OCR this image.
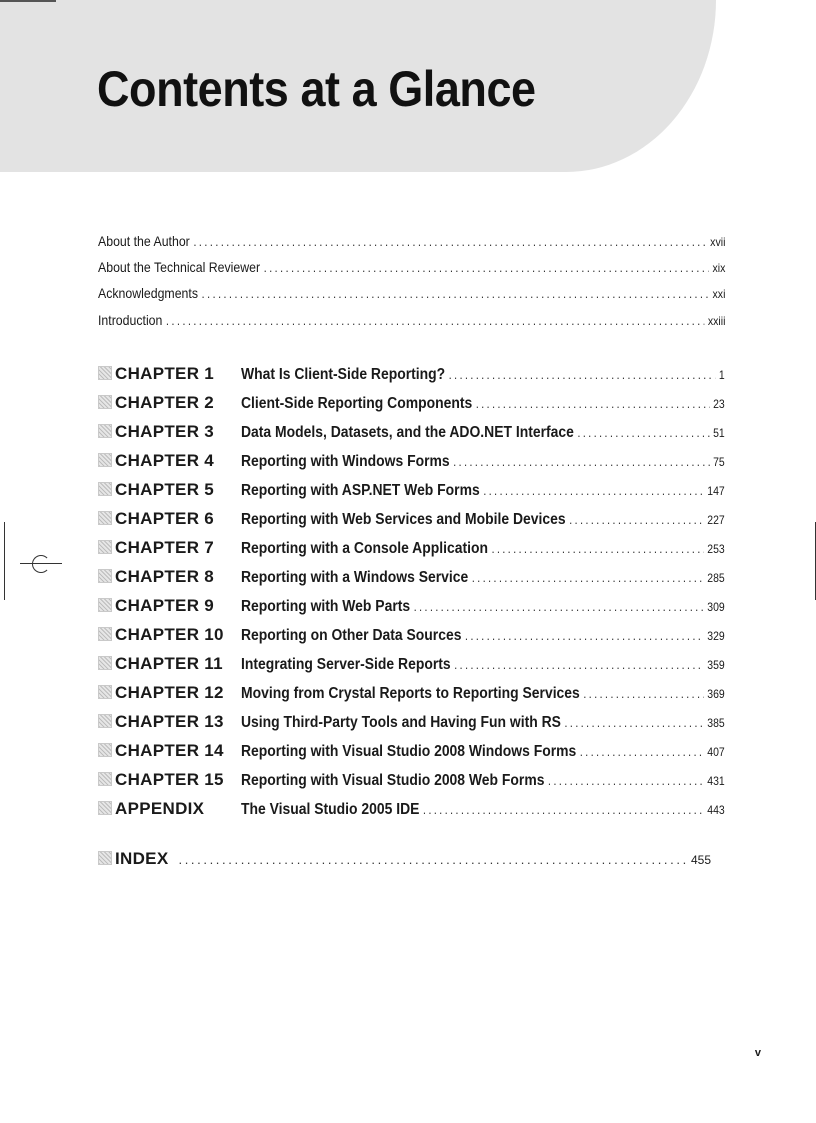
Contents at a Glance
About the Author . . .	xvii
About the Technical Reviewer . . .	xix
Acknowledgments . . .	xxi
Introduction . . .	xxiii
CHAPTER 1	What Is Client-Side Reporting? . . .	1
CHAPTER 2	Client-Side Reporting Components . . .	23
CHAPTER 3	Data Models, Datasets, and the ADO.NET Interface . . .	51
CHAPTER 4	Reporting with Windows Forms . . .	75
CHAPTER 5	Reporting with ASP.NET Web Forms . . .	147
CHAPTER 6	Reporting with Web Services and Mobile Devices . . .	227
CHAPTER 7	Reporting with a Console Application . . .	253
CHAPTER 8	Reporting with a Windows Service . . .	285
CHAPTER 9	Reporting with Web Parts . . .	309
CHAPTER 10	Reporting on Other Data Sources . . .	329
CHAPTER 11	Integrating Server-Side Reports . . .	359
CHAPTER 12	Moving from Crystal Reports to Reporting Services . . .	369
CHAPTER 13	Using Third-Party Tools and Having Fun with RS . . .	385
CHAPTER 14	Reporting with Visual Studio 2008 Windows Forms . . .	407
CHAPTER 15	Reporting with Visual Studio 2008 Web Forms . . .	431
APPENDIX	The Visual Studio 2005 IDE . . .	443
INDEX . . .	455
v
